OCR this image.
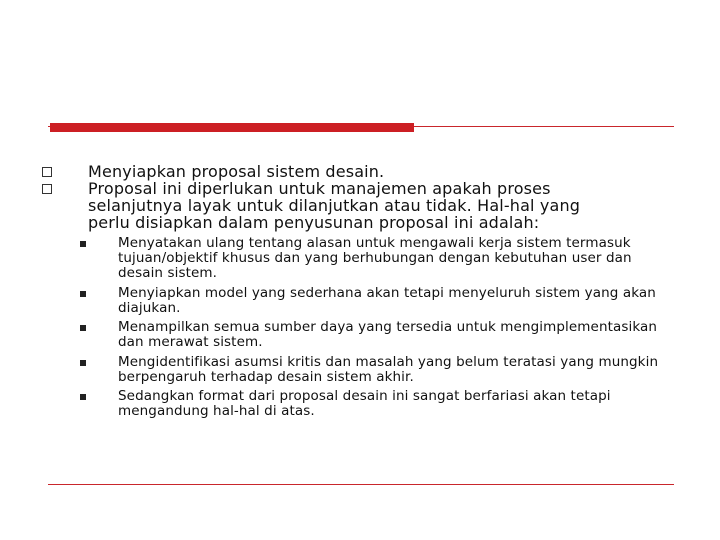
Menyiapkan proposal sistem desain.
Proposal ini diperlukan untuk manajemen apakah proses selanjutnya layak untuk dilanjutkan atau tidak. Hal-hal yang perlu disiapkan dalam penyusunan proposal ini adalah:
Menyatakan ulang tentang alasan untuk mengawali kerja sistem termasuk tujuan/objektif khusus dan yang berhubungan dengan kebutuhan user dan desain sistem.
Menyiapkan model yang sederhana akan tetapi menyeluruh sistem yang akan diajukan.
Menampilkan semua sumber daya yang tersedia untuk mengimplementasikan dan merawat sistem.
Mengidentifikasi asumsi kritis dan masalah yang belum teratasi yang mungkin berpengaruh terhadap desain sistem akhir.
Sedangkan format dari proposal desain ini sangat berfariasi akan tetapi mengandung hal-hal di atas.
